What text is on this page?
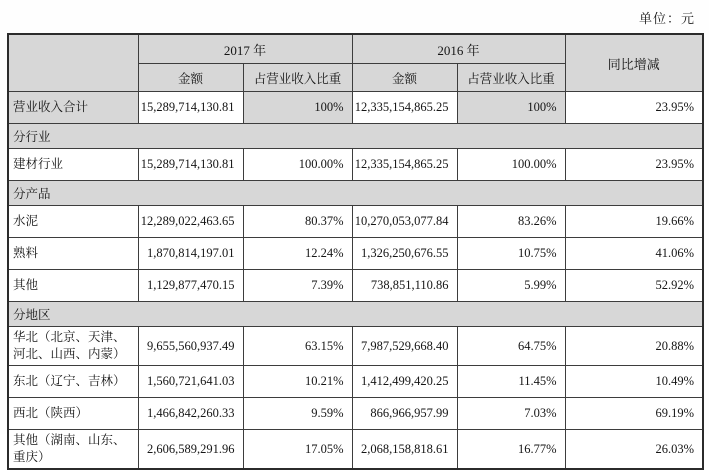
单位：元
	2017 年		2016 年		同比增减
	金额	占营业收入比重	金额	占营业收入比重	
营业收入合计	15,289,714,130.81	100%	12,335,154,865.25	100%	23.95%
分行业					
建材行业	15,289,714,130.81	100.00%	12,335,154,865.25	100.00%	23.95%
分产品					
水泥	12,289,022,463.65	80.37%	10,270,053,077.84	83.26%	19.66%
熟料	1,870,814,197.01	12.24%	1,326,250,676.55	10.75%	41.06%
其他	1,129,877,470.15	7.39%	738,851,110.86	5.99%	52.92%
分地区					
华北（北京、天津、河北、山西、内蒙）	9,655,560,937.49	63.15%	7,987,529,668.40	64.75%	20.88%
东北（辽宁、吉林）	1,560,721,641.03	10.21%	1,412,499,420.25	11.45%	10.49%
西北（陕西）	1,466,842,260.33	9.59%	866,966,957.99	7.03%	69.19%
其他（湖南、山东、重庆）	2,606,589,291.96	17.05%	2,068,158,818.61	16.77%	26.03%
